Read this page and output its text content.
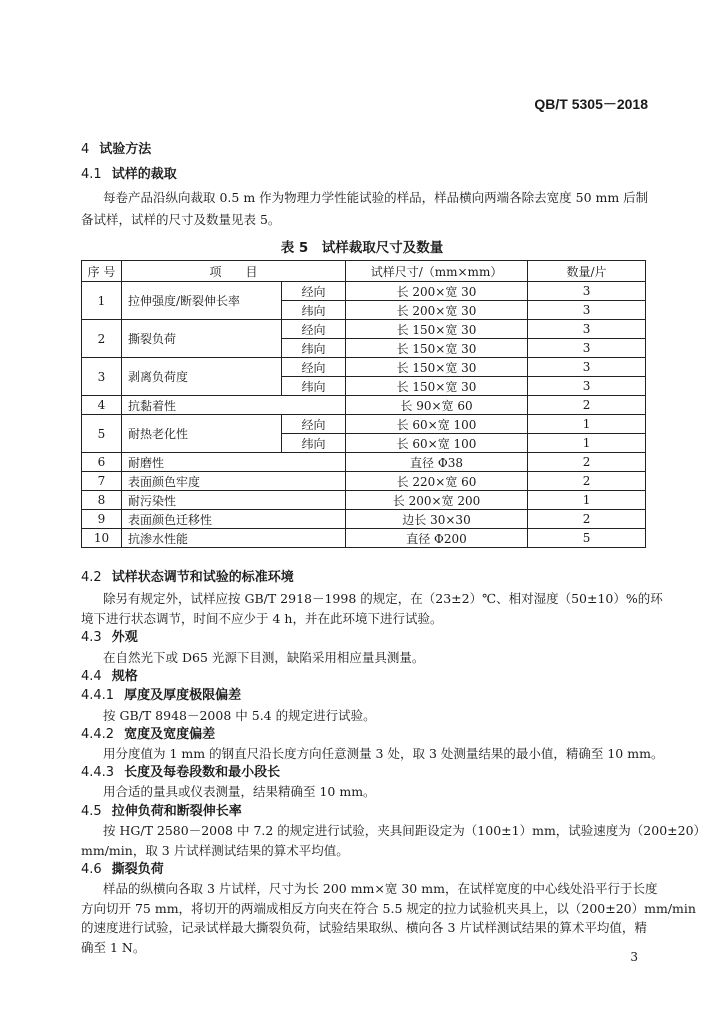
QB/T 5305－2018
4 试验方法
4.1 试样的裁取
每卷产品沿纵向裁取 0.5 m 作为物理力学性能试验的样品，样品横向两端各除去宽度 50 mm 后制
备试样，试样的尺寸及数量见表 5。
表 5　试样裁取尺寸及数量
序 号	项　　目		试样尺寸/（mm×mm）	数量/片
1	拉伸强度/断裂伸长率	经向	长 200×宽 30	3
		纬向	长 200×宽 30	3
2	撕裂负荷	经向	长 150×宽 30	3
		纬向	长 150×宽 30	3
3	剥离负荷度	经向	长 150×宽 30	3
		纬向	长 150×宽 30	3
4	抗黏着性		长 90×宽 60	2
5	耐热老化性	经向	长 60×宽 100	1
		纬向	长 60×宽 100	1
6	耐磨性		直径 Φ38	2
7	表面颜色牢度		长 220×宽 60	2
8	耐污染性		长 200×宽 200	1
9	表面颜色迁移性		边长 30×30	2
10	抗渗水性能		直径 Φ200	5
4.2 试样状态调节和试验的标准环境
除另有规定外，试样应按 GB/T 2918－1998 的规定，在（23±2）℃、相对湿度（50±10）%的环
境下进行状态调节，时间不应少于 4 h，并在此环境下进行试验。
4.3 外观
在自然光下或 D65 光源下目测，缺陷采用相应量具测量。
4.4 规格
4.4.1 厚度及厚度极限偏差
按 GB/T 8948－2008 中 5.4 的规定进行试验。
4.4.2 宽度及宽度偏差
用分度值为 1 mm 的钢直尺沿长度方向任意测量 3 处，取 3 处测量结果的最小值，精确至 10 mm。
4.4.3 长度及每卷段数和最小段长
用合适的量具或仪表测量，结果精确至 10 mm。
4.5 拉伸负荷和断裂伸长率
按 HG/T 2580－2008 中 7.2 的规定进行试验，夹具间距设定为（100±1）mm，试验速度为（200±20）
mm/min，取 3 片试样测试结果的算术平均值。
4.6 撕裂负荷
样品的纵横向各取 3 片试样，尺寸为长 200 mm×宽 30 mm，在试样宽度的中心线处沿平行于长度
方向切开 75 mm，将切开的两端成相反方向夹在符合 5.5 规定的拉力试验机夹具上，以（200±20）mm/min
的速度进行试验，记录试样最大撕裂负荷，试验结果取纵、横向各 3 片试样测试结果的算术平均值，精
确至 1 N。
3
